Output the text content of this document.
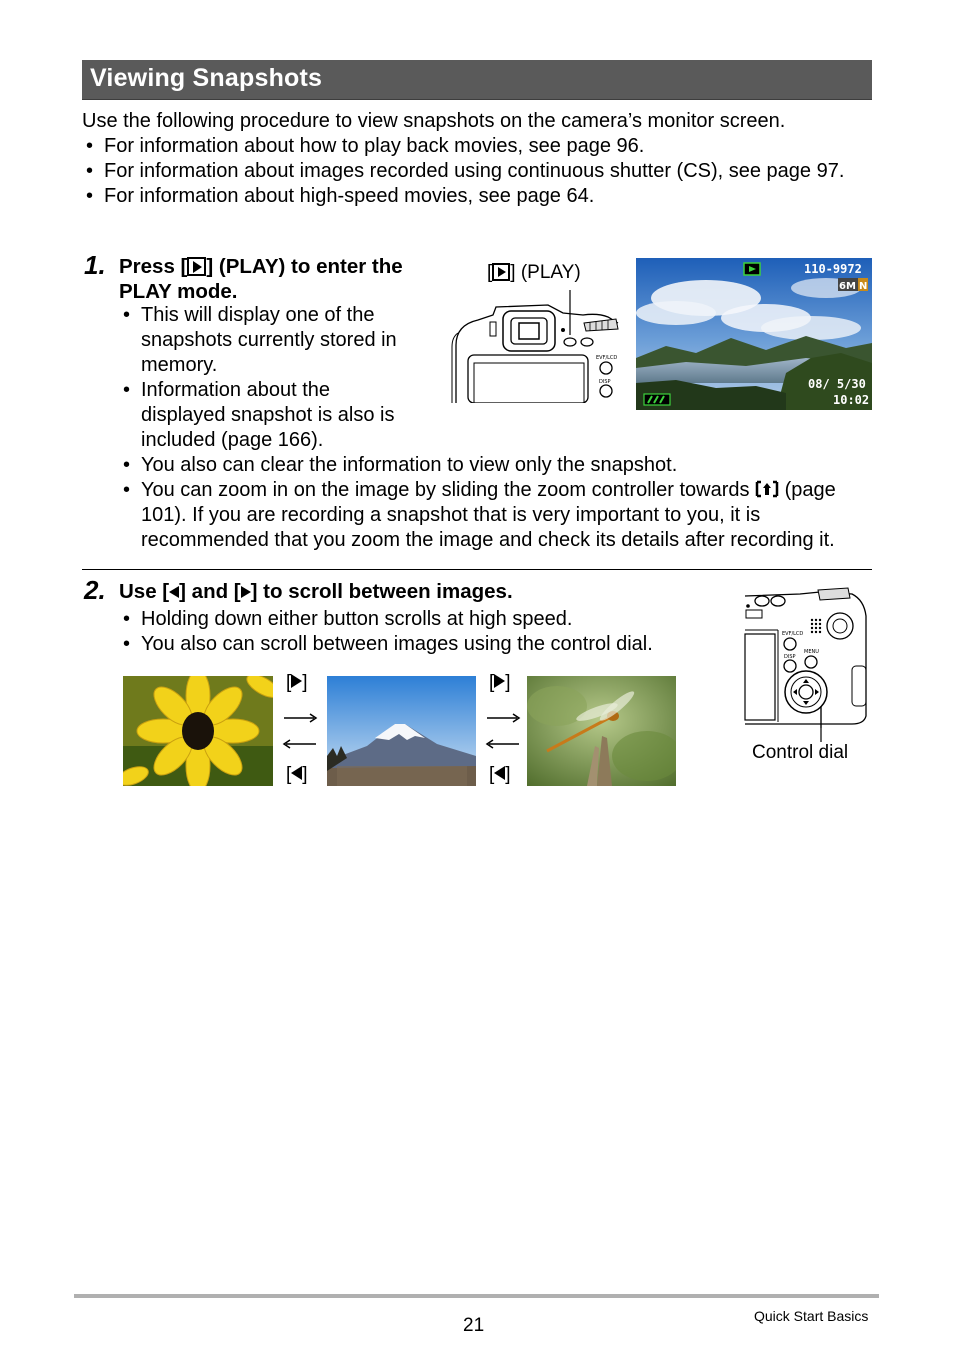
Viewing Snapshots

Use the following procedure to view snapshots on the camera’s monitor screen.

• For information about how to play back movies, see page 96.
• For information about images recorded using continuous shutter (CS), see page 97.
• For information about high-speed movies, see page 64.
1. Press [ ] (PLAY) to enter the PLAY mode.
• This will display one of the snapshots currently stored in memory.
• Information about the displayed snapshot is also is included (page 166).
• You also can clear the information to view only the snapshot.
• You can zoom in on the image by sliding the zoom controller towards (page 101). If you are recording a snapshot that is very important to you, it is recommended that you zoom the image and check its details after recording it.
[ ] (PLAY)
EVF/LCD
DISP
110-9972
6M N
08/ 5/30
10:02
2. Use [ ] and [ ] to scroll between images.
• Holding down either button scrolls at high speed.
• You also can scroll between images using the control dial.
[ ]
[ ]
[ ]
[ ]
EVF/LCD
DISP
MENU
Control dial
21	Quick Start Basics
